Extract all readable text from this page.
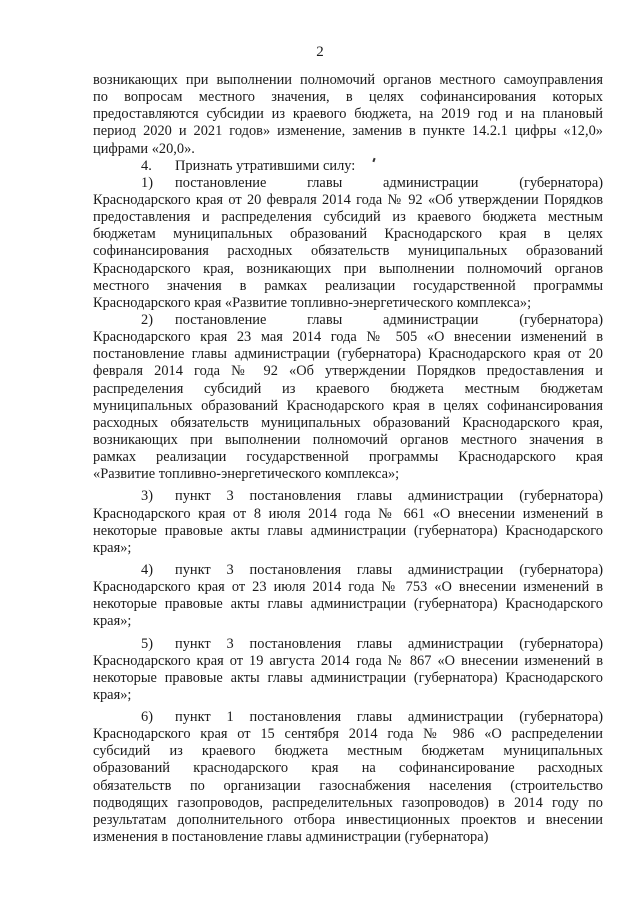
2
возникающих при выполнении полномочий органов местного самоуправления
по вопросам местного значения, в целях софинансирования которых
предоставляются субсидии из краевого бюджета, на 2019 год и на плановый
период 2020 и 2021 годов» изменение, заменив в пункте 14.2.1 цифры «12,0»
цифрами «20,0».
4. Признать утратившими силу:
1) постановление главы администрации (губернатора)
Краснодарского края от 20 февраля 2014 года № 92 «Об утверждении Порядков
предоставления и распределения субсидий из краевого бюджета местным
бюджетам муниципальных образований Краснодарского края в целях
софинансирования расходных обязательств муниципальных образований
Краснодарского края, возникающих при выполнении полномочий органов
местного значения в рамках реализации государственной программы
Краснодарского края «Развитие топливно-энергетического комплекса»;
2) постановление главы администрации (губернатора)
Краснодарского края 23 мая 2014 года № 505 «О внесении изменений в
постановление главы администрации (губернатора) Краснодарского края от 20
февраля 2014 года № 92 «Об утверждении Порядков предоставления и
распределения субсидий из краевого бюджета местным бюджетам
муниципальных образований Краснодарского края в целях софинансирования
расходных обязательств муниципальных образований Краснодарского края,
возникающих при выполнении полномочий органов местного значения в
рамках реализации государственной программы Краснодарского края
«Развитие топливно-энергетического комплекса»;
3) пункт 3 постановления главы администрации (губернатора)
Краснодарского края от 8 июля 2014 года № 661 «О внесении изменений в
некоторые правовые акты главы администрации (губернатора) Краснодарского
края»;
4) пункт 3 постановления главы администрации (губернатора)
Краснодарского края от 23 июля 2014 года № 753 «О внесении изменений в
некоторые правовые акты главы администрации (губернатора) Краснодарского
края»;
5) пункт 3 постановления главы администрации (губернатора)
Краснодарского края от 19 августа 2014 года № 867 «О внесении изменений в
некоторые правовые акты главы администрации (губернатора) Краснодарского
края»;
6) пункт 1 постановления главы администрации (губернатора)
Краснодарского края от 15 сентября 2014 года № 986 «О распределении
субсидий из краевого бюджета местным бюджетам муниципальных
образований краснодарского края на софинансирование расходных
обязательств по организации газоснабжения населения (строительство
подводящих газопроводов, распределительных газопроводов) в 2014 году по
результатам дополнительного отбора инвестиционных проектов и внесении
изменения в постановление главы администрации (губернатора)
